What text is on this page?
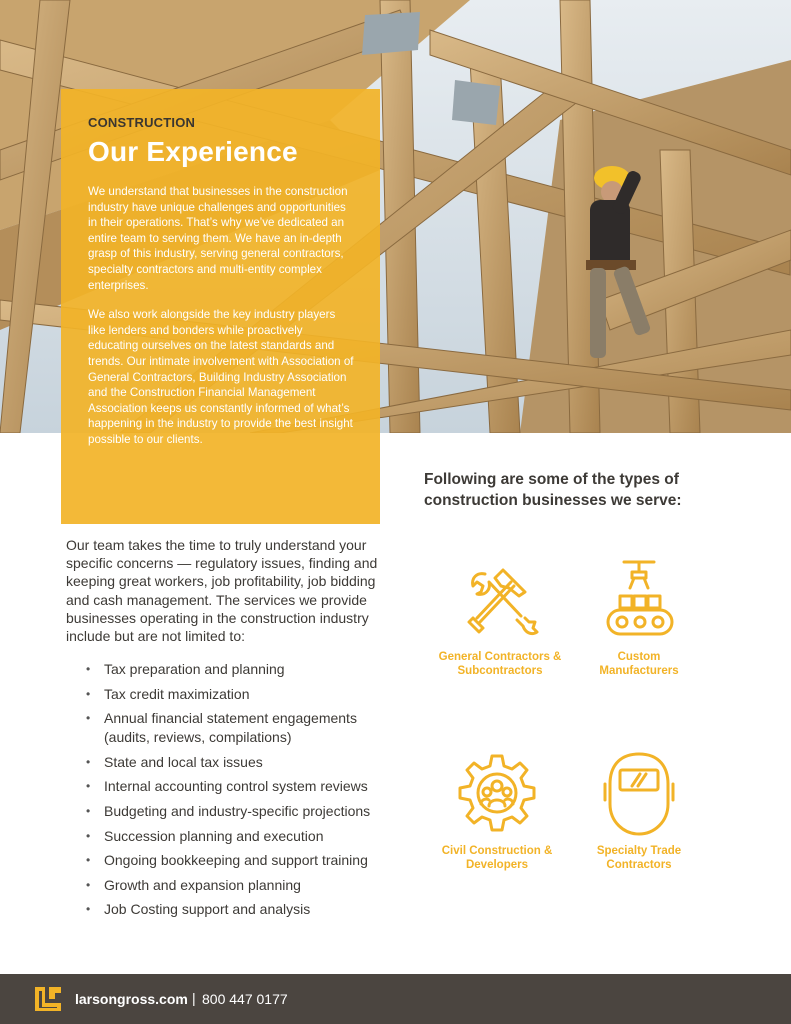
CONSTRUCTION
Our Experience

We understand that businesses in the construction industry have unique challenges and opportunities in their operations. That’s why we’ve dedicated an entire team to serving them. We have an in-depth grasp of this industry, serving general contractors, specialty contractors and multi-entity complex enterprises.

We also work alongside the key industry players like lenders and bonders while proactively educating ourselves on the latest standards and trends. Our intimate involvement with Association of General Contractors, Building Industry Association and the Construction Financial Management Association keeps us constantly informed of what’s happening in the industry to provide the best insight possible to our clients.

Our team takes the time to truly understand your specific concerns — regulatory issues, finding and keeping great workers, job profitability, job bidding and cash management. The services we provide businesses operating in the construction industry include but are not limited to:

• Tax preparation and planning
• Tax credit maximization
• Annual financial statement engagements (audits, reviews, compilations)
• State and local tax issues
• Internal accounting control system reviews
• Budgeting and industry-specific projections
• Succession planning and execution
• Ongoing bookkeeping and support training
• Growth and expansion planning
• Job Costing support and analysis

Following are some of the types of construction businesses we serve:

General Contractors &
Subcontractors
Custom
Manufacturers
Civil Construction &
Developers
Specialty Trade
Contractors
larsongross.com | 800 447 0177
